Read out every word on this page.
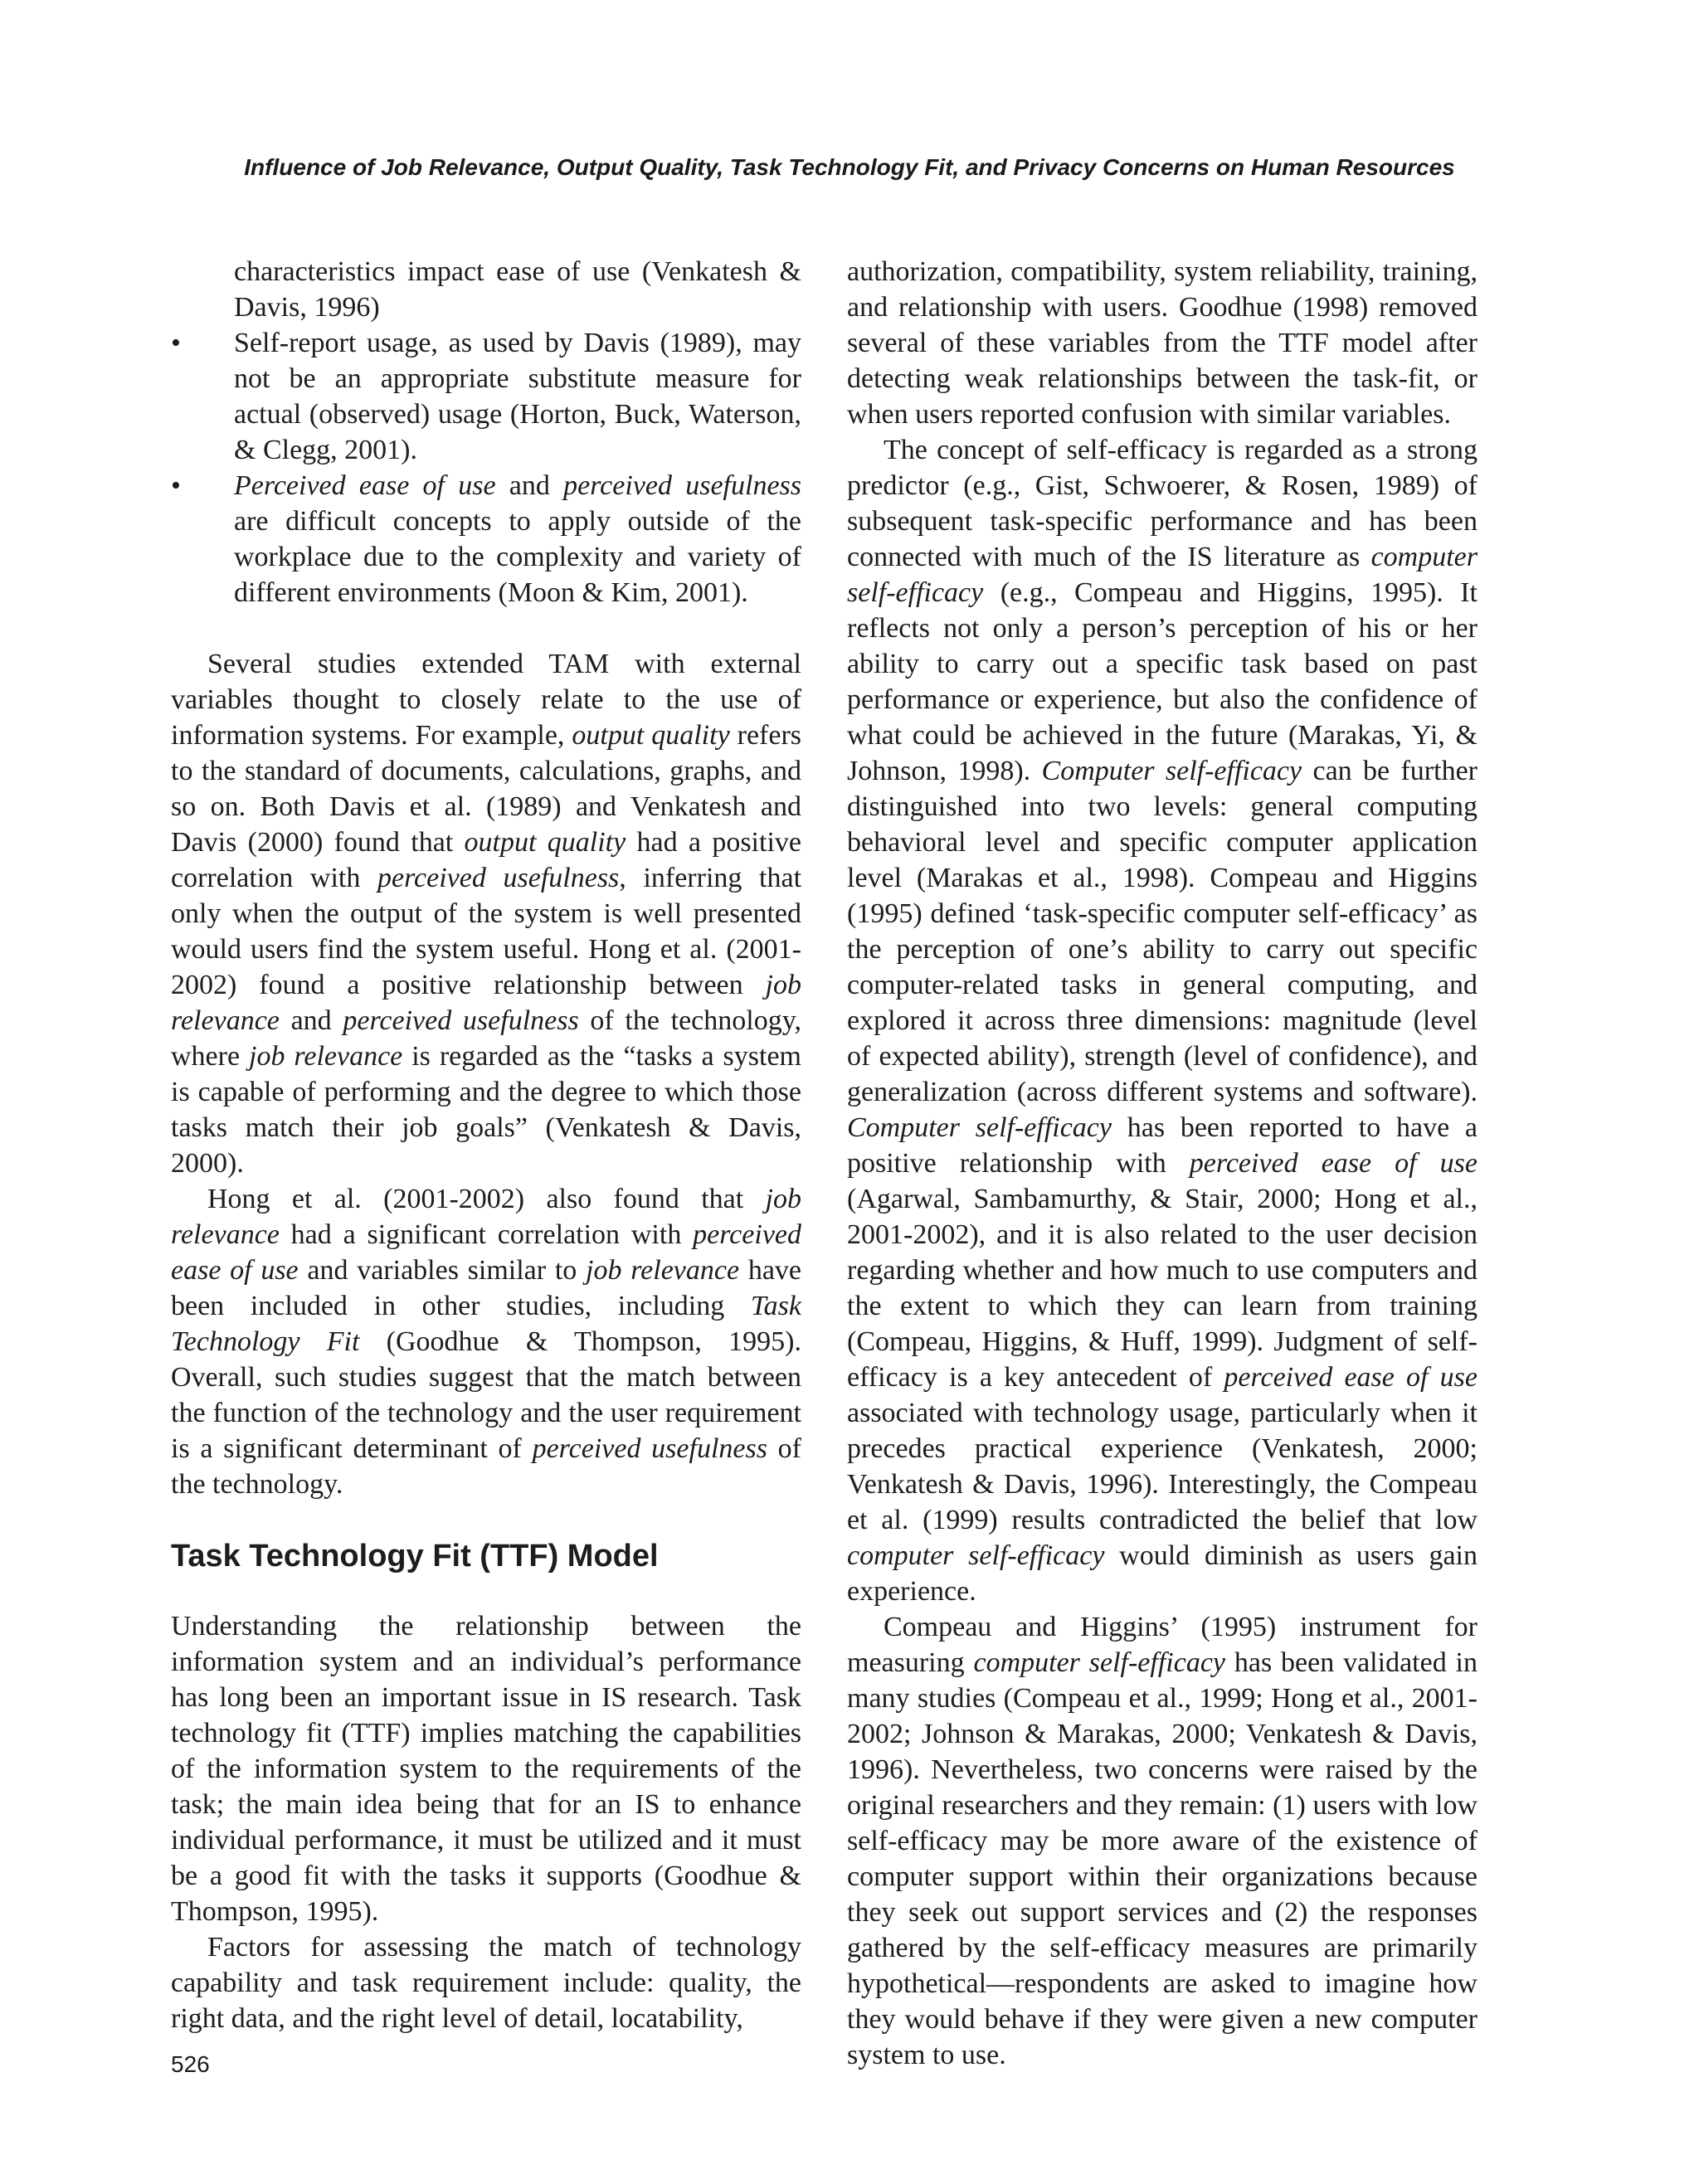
Influence of Job Relevance, Output Quality, Task Technology Fit, and Privacy Concerns on Human Resources

characteristics impact ease of use (Venkatesh & Davis, 1996)

•	Self-report usage, as used by Davis (1989), may not be an appropriate substitute measure for actual (observed) usage (Horton, Buck, Waterson, & Clegg, 2001).
•	Perceived ease of use and perceived usefulness are difficult concepts to apply outside of the workplace due to the complexity and variety of different environments (Moon & Kim, 2001).

Several studies extended TAM with external variables thought to closely relate to the use of information systems. For example, output quality refers to the standard of documents, calculations, graphs, and so on. Both Davis et al. (1989) and Venkatesh and Davis (2000) found that output quality had a positive correlation with perceived usefulness, inferring that only when the output of the system is well presented would users find the system useful. Hong et al. (2001-2002) found a positive relationship between job relevance and perceived usefulness of the technology, where job relevance is regarded as the “tasks a system is capable of performing and the degree to which those tasks match their job goals” (Venkatesh & Davis, 2000).

Hong et al. (2001-2002) also found that job relevance had a significant correlation with perceived ease of use and variables similar to job relevance have been included in other studies, including Task Technology Fit (Goodhue & Thompson, 1995). Overall, such studies suggest that the match between the function of the technology and the user requirement is a significant determinant of perceived usefulness of the technology.

Task Technology Fit (TTF) Model

Understanding the relationship between the information system and an individual’s performance has long been an important issue in IS research. Task technology fit (TTF) implies matching the capabilities of the information system to the requirements of the task; the main idea being that for an IS to enhance individual performance, it must be utilized and it must be a good fit with the tasks it supports (Goodhue & Thompson, 1995).

Factors for assessing the match of technology capability and task requirement include: quality, the right data, and the right level of detail, locatability,

authorization, compatibility, system reliability, training, and relationship with users. Goodhue (1998) removed several of these variables from the TTF model after detecting weak relationships between the task-fit, or when users reported confusion with similar variables.

The concept of self-efficacy is regarded as a strong predictor (e.g., Gist, Schwoerer, & Rosen, 1989) of subsequent task-specific performance and has been connected with much of the IS literature as computer self-efficacy (e.g., Compeau and Higgins, 1995). It reflects not only a person’s perception of his or her ability to carry out a specific task based on past performance or experience, but also the confidence of what could be achieved in the future (Marakas, Yi, & Johnson, 1998). Computer self-efficacy can be further distinguished into two levels: general computing behavioral level and specific computer application level (Marakas et al., 1998). Compeau and Higgins (1995) defined ‘task-specific computer self-efficacy’ as the perception of one’s ability to carry out specific computer-related tasks in general computing, and explored it across three dimensions: magnitude (level of expected ability), strength (level of confidence), and generalization (across different systems and software). Computer self-efficacy has been reported to have a positive relationship with perceived ease of use (Agarwal, Sambamurthy, & Stair, 2000; Hong et al., 2001-2002), and it is also related to the user decision regarding whether and how much to use computers and the extent to which they can learn from training (Compeau, Higgins, & Huff, 1999). Judgment of self-efficacy is a key antecedent of perceived ease of use associated with technology usage, particularly when it precedes practical experience (Venkatesh, 2000; Venkatesh & Davis, 1996). Interestingly, the Compeau et al. (1999) results contradicted the belief that low computer self-efficacy would diminish as users gain experience.

Compeau and Higgins’ (1995) instrument for measuring computer self-efficacy has been validated in many studies (Compeau et al., 1999; Hong et al., 2001-2002; Johnson & Marakas, 2000; Venkatesh & Davis, 1996). Nevertheless, two concerns were raised by the original researchers and they remain: (1) users with low self-efficacy may be more aware of the existence of computer support within their organizations because they seek out support services and (2) the responses gathered by the self-efficacy measures are primarily hypothetical—respondents are asked to imagine how they would behave if they were given a new computer system to use.

526
